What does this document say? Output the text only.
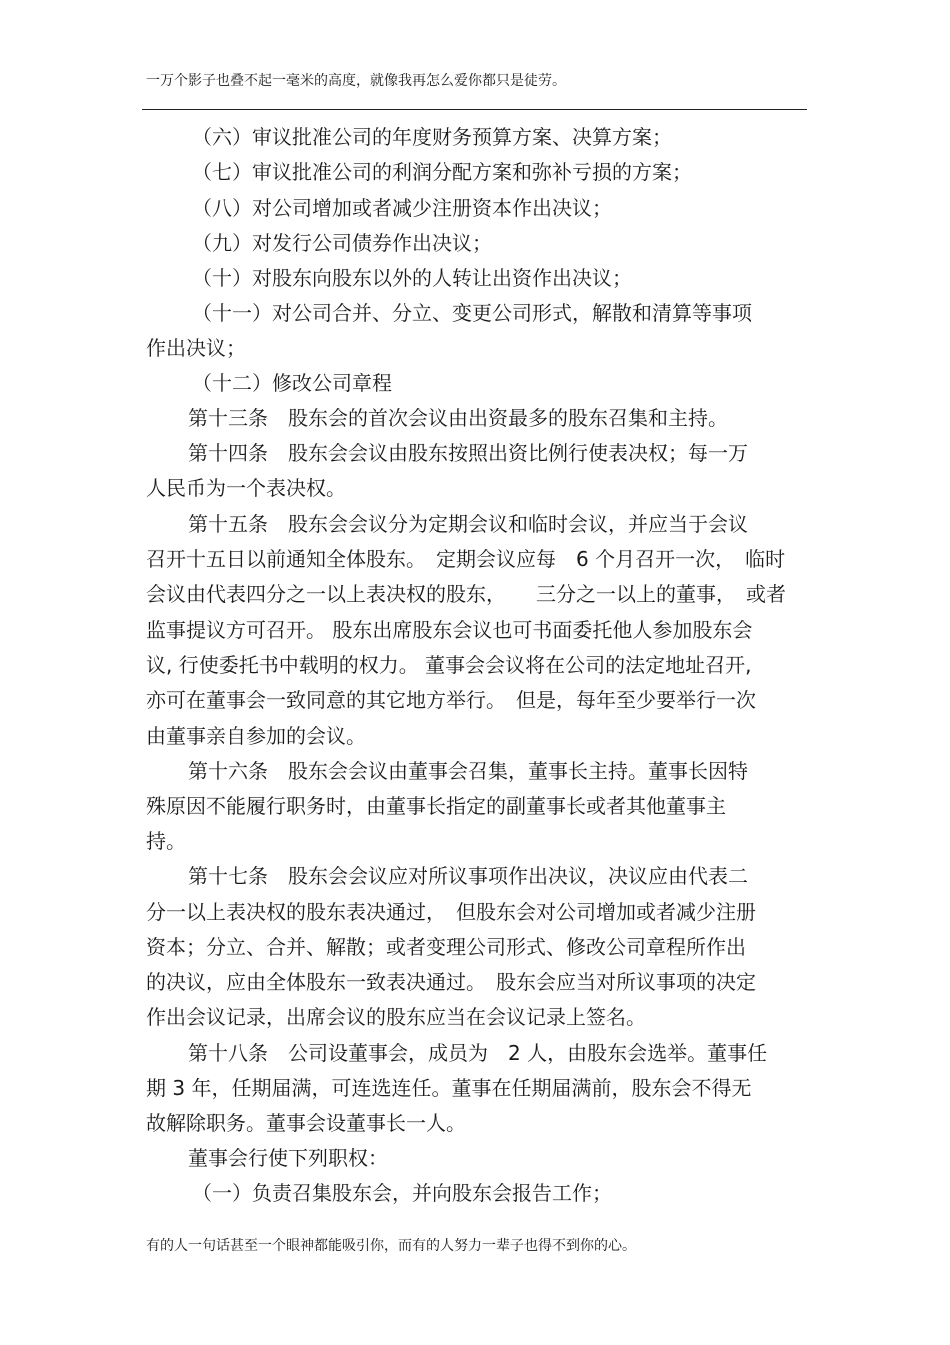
一万个影子也叠不起一毫米的高度，就像我再怎么爱你都只是徒劳。
（六）审议批准公司的年度财务预算方案、决算方案；
（七）审议批准公司的利润分配方案和弥补亏损的方案；
（八）对公司增加或者减少注册资本作出决议；
（九）对发行公司债券作出决议；
（十）对股东向股东以外的人转让出资作出决议；
（十一）对公司合并、分立、变更公司形式，解散和清算等事项
作出决议；
（十二）修改公司章程
第十三条　股东会的首次会议由出资最多的股东召集和主持。
第十四条　股东会会议由股东按照出资比例行使表决权；每一万
人民币为一个表决权。
第十五条　股东会会议分为定期会议和临时会议，并应当于会议
召开十五日以前通知全体股东。　定期会议应每　6 个月召开一次，　临时
会议由代表四分之一以上表决权的股东，　　三分之一以上的董事，　或者
监事提议方可召开。 股东出席股东会议也可书面委托他人参加股东会
议, 行使委托书中载明的权力。 董事会会议将在公司的法定地址召开,
亦可在董事会一致同意的其它地方举行。　但是，每年至少要举行一次
由董事亲自参加的会议。
第十六条　股东会会议由董事会召集，董事长主持。董事长因特
殊原因不能履行职务时，由董事长指定的副董事长或者其他董事主
持。
第十七条　股东会会议应对所议事项作出决议，决议应由代表二
分一以上表决权的股东表决通过，　但股东会对公司增加或者减少注册
资本；分立、合并、解散；或者变理公司形式、修改公司章程所作出
的决议，应由全体股东一致表决通过。　股东会应当对所议事项的决定
作出会议记录，出席会议的股东应当在会议记录上签名。
第十八条　公司设董事会，成员为　2 人，由股东会选举。董事任
期 3 年，任期届满，可连选连任。董事在任期届满前，股东会不得无
故解除职务。董事会设董事长一人。
董事会行使下列职权：
（一）负责召集股东会，并向股东会报告工作；
有的人一句话甚至一个眼神都能吸引你，而有的人努力一辈子也得不到你的心。
